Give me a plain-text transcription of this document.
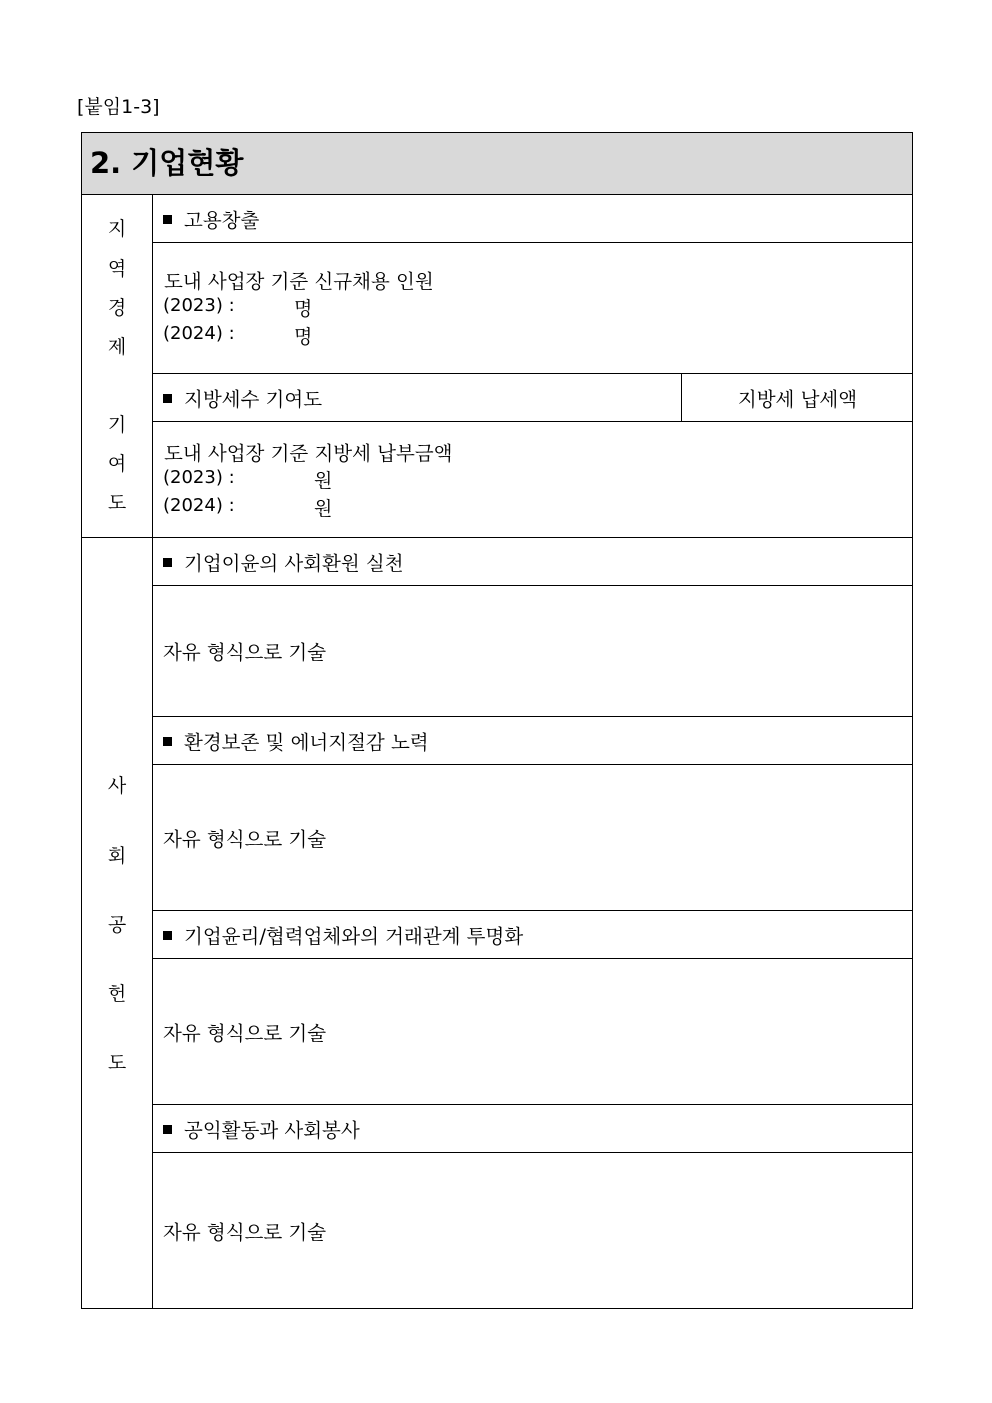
[붙임1-3]
2. 기업현황
지
역
경
제
기
여
도
고용창출
도내 사업장 기준 신규채용 인원
(2023) :	명
(2024) :	명
지방세수 기여도	지방세 납세액
도내 사업장 기준 지방세 납부금액
(2023) :	원
(2024) :	원
사
회
공
헌
도
기업이윤의 사회환원 실천
자유 형식으로 기술
환경보존 및 에너지절감 노력
자유 형식으로 기술
기업윤리/협력업체와의 거래관계 투명화
자유 형식으로 기술
공익활동과 사회봉사
자유 형식으로 기술
